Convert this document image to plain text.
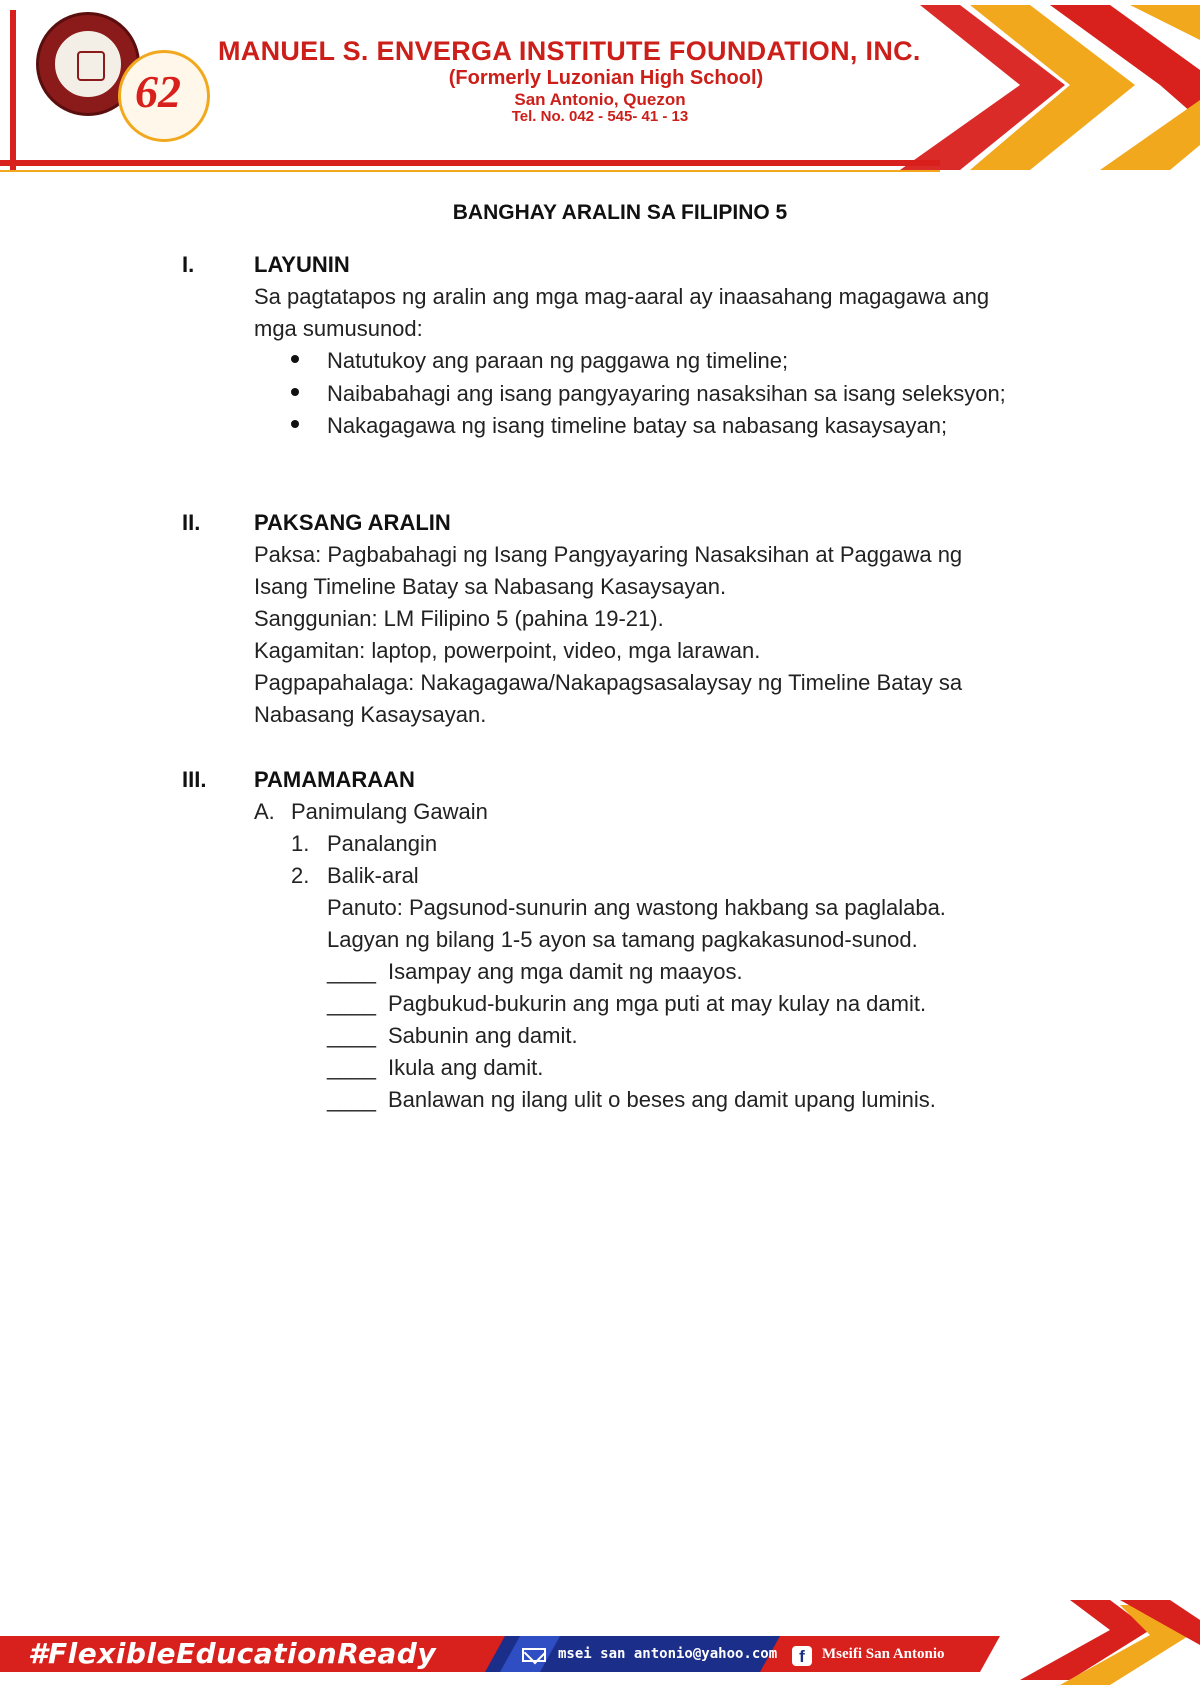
62
MANUEL S. ENVERGA INSTITUTE FOUNDATION, INC.
(Formerly Luzonian High School)
San Antonio, Quezon
Tel. No. 042 - 545- 41 - 13
BANGHAY ARALIN SA FILIPINO 5
I.	LAYUNIN
Sa pagtatapos ng aralin ang mga mag-aaral ay inaasahang magagawa ang
mga sumusunod:
Natutukoy ang paraan ng paggawa ng timeline;
Naibabahagi ang isang pangyayaring nasaksihan sa isang seleksyon;
Nakagagawa ng isang timeline batay sa nabasang kasaysayan;
II. PAKSANG ARALIN
Paksa: Pagbabahagi ng Isang Pangyayaring Nasaksihan at Paggawa ng
Isang Timeline Batay sa Nabasang Kasaysayan.
Sanggunian: LM Filipino 5 (pahina 19-21).
Kagamitan: laptop, powerpoint, video, mga larawan.
Pagpapahalaga: Nakagagawa/Nakapagsasalaysay ng Timeline Batay sa
Nabasang Kasaysayan.
III. PAMAMARAAN
A. Panimulang Gawain
1. Panalangin
2. Balik-aral
Panuto: Pagsunod-sunurin ang wastong hakbang sa paglalaba.
Lagyan ng bilang 1-5 ayon sa tamang pagkakasunod-sunod.
____ Isampay ang mga damit ng maayos.
____ Pagbukud-bukurin ang mga puti at may kulay na damit.
____ Sabunin ang damit.
____ Ikula ang damit.
____ Banlawan ng ilang ulit o beses ang damit upang luminis.
#FlexibleEducationReady	msei san antonio@yahoo.com	f	Mseifi San Antonio
